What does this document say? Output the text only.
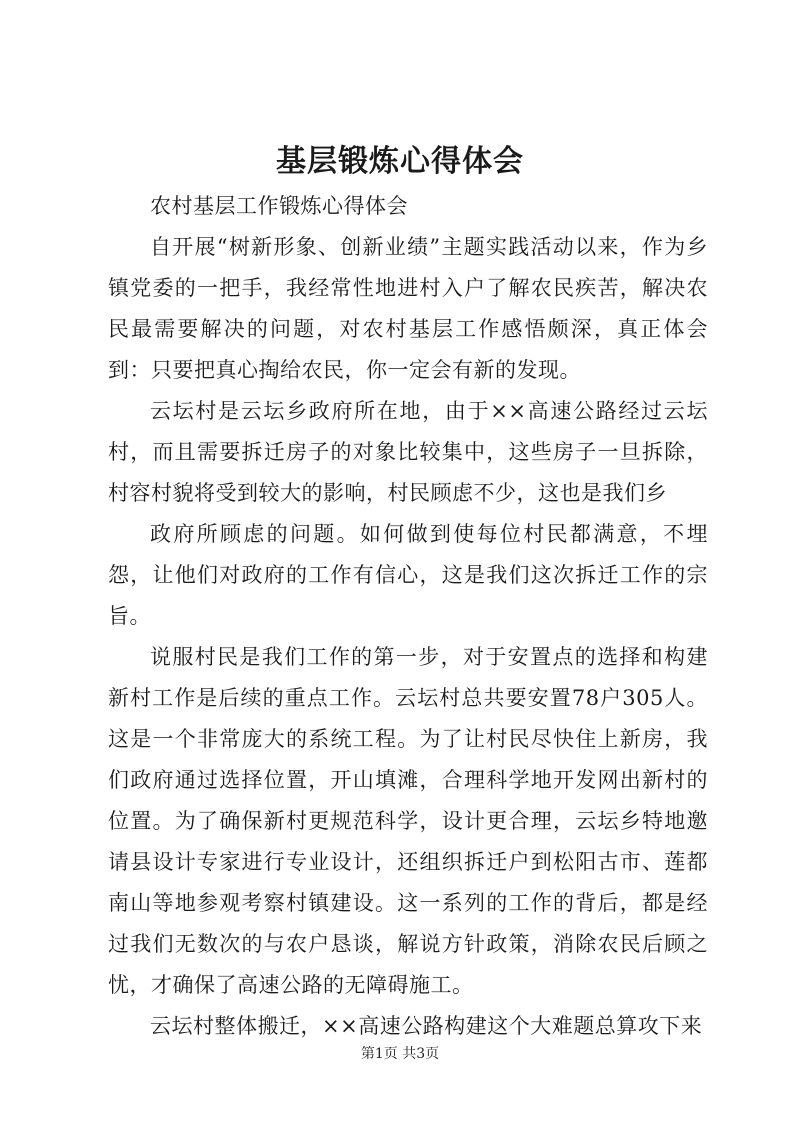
基层锻炼心得体会

农村基层工作锻炼心得体会

自开展“树新形象、创新业绩”主题实践活动以来，作为乡镇党委的一把手，我经常性地进村入户了解农民疾苦，解决农民最需要解决的问题，对农村基层工作感悟颇深，真正体会到：只要把真心掏给农民，你一定会有新的发现。

云坛村是云坛乡政府所在地，由于××高速公路经过云坛村，而且需要拆迁房子的对象比较集中，这些房子一旦拆除，村容村貌将受到较大的影响，村民顾虑不少，这也是我们乡

政府所顾虑的问题。如何做到使每位村民都满意，不埋怨，让他们对政府的工作有信心，这是我们这次拆迁工作的宗旨。

说服村民是我们工作的第一步，对于安置点的选择和构建新村工作是后续的重点工作。云坛村总共要安置78户305人。这是一个非常庞大的系统工程。为了让村民尽快住上新房，我们政府通过选择位置，开山填滩，合理科学地开发网出新村的位置。为了确保新村更规范科学，设计更合理，云坛乡特地邀请县设计专家进行专业设计，还组织拆迁户到松阳古市、莲都南山等地参观考察村镇建设。这一系列的工作的背后，都是经过我们无数次的与农户恳谈，解说方针政策，消除农民后顾之忧，才确保了高速公路的无障碍施工。

云坛村整体搬迁，××高速公路构建这个大难题总算攻下来

第1页 共3页
